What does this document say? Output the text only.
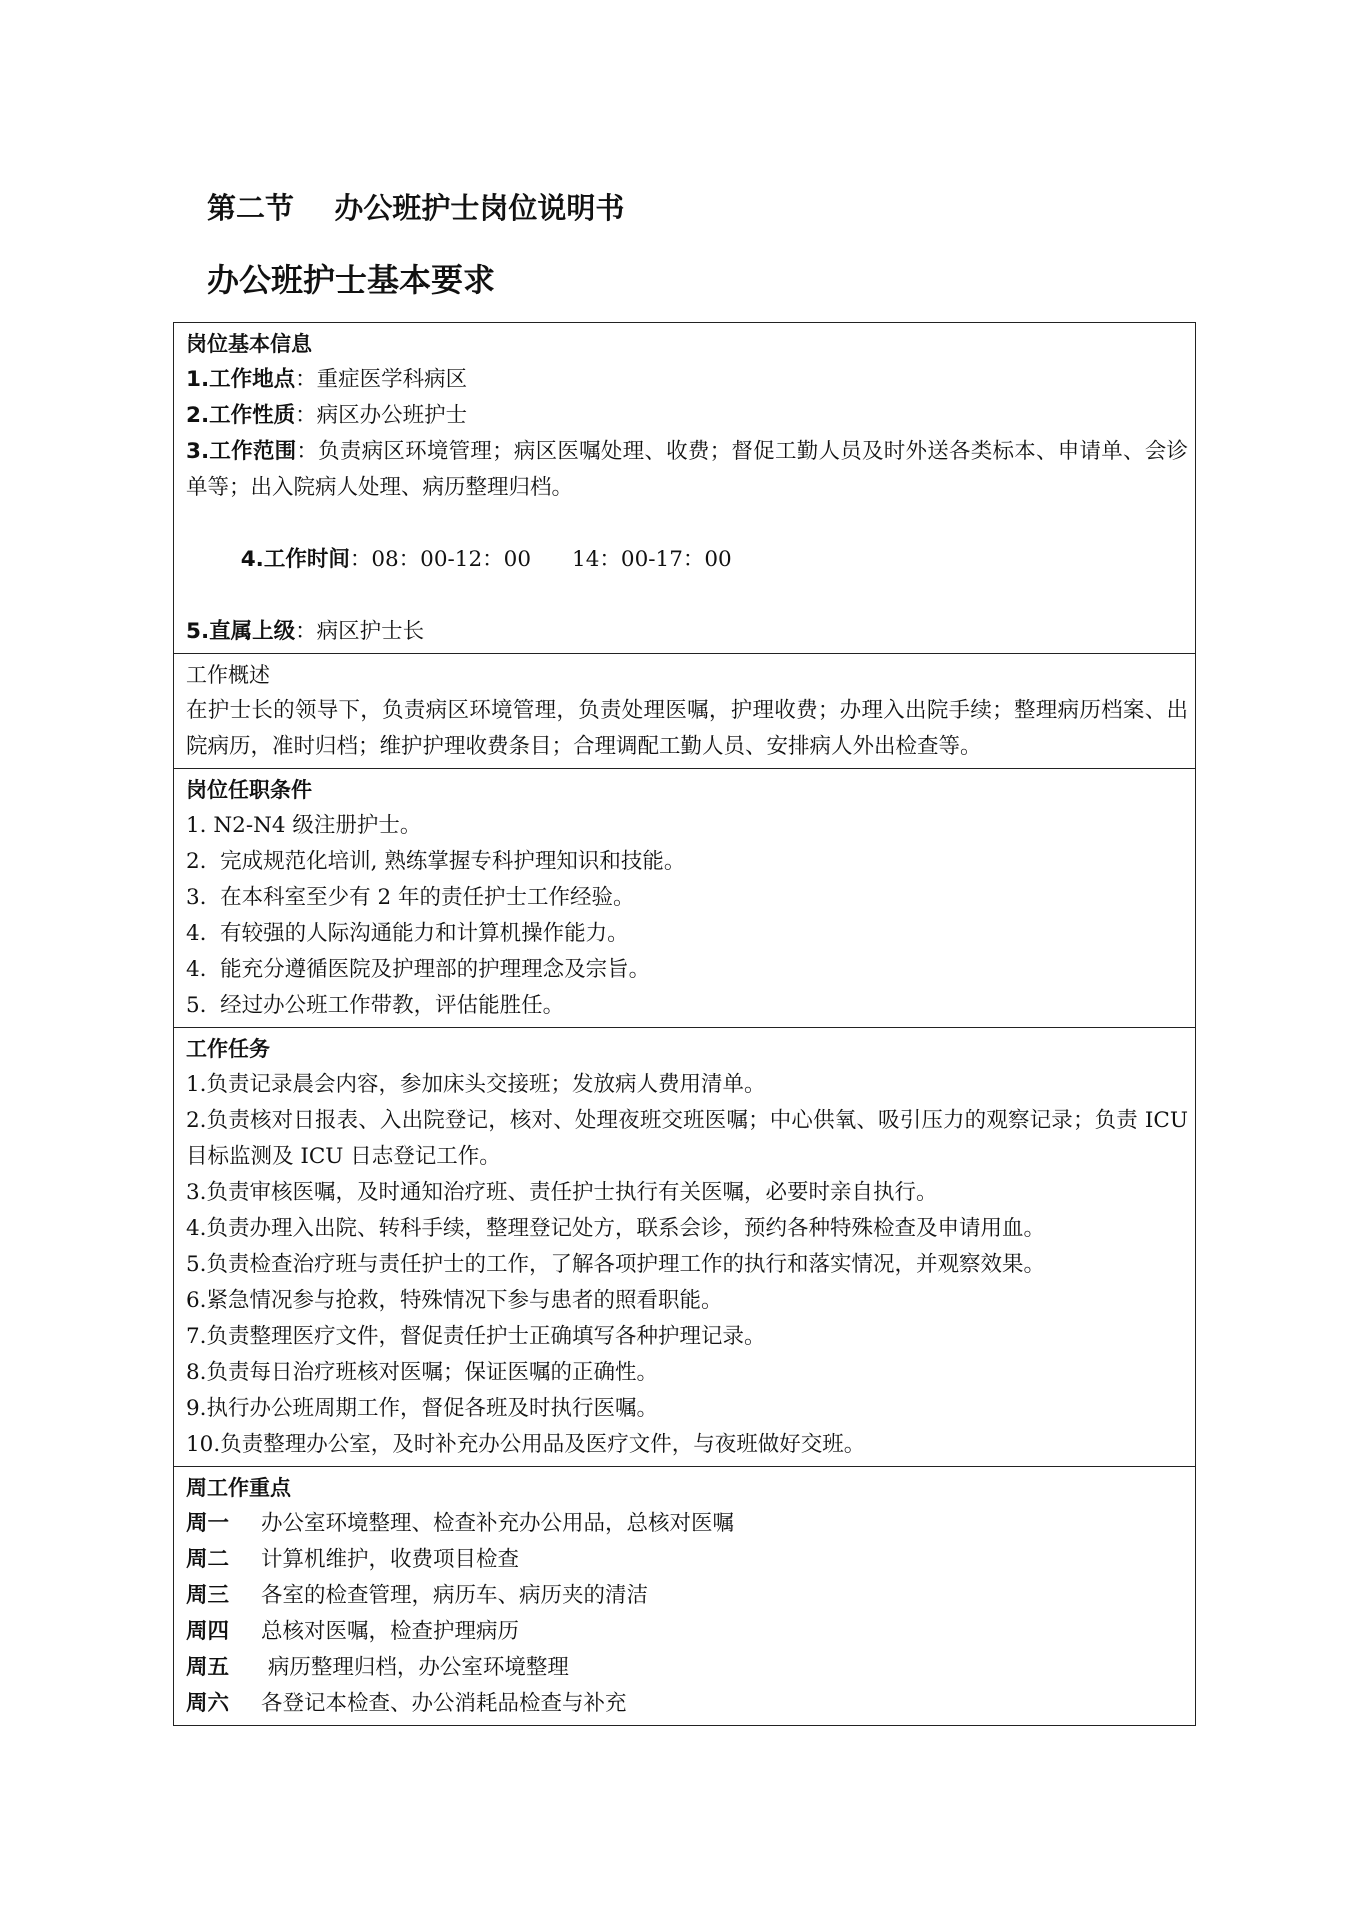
第二节    办公班护士岗位说明书
办公班护士基本要求
岗位基本信息
1.工作地点：重症医学科病区
2.工作性质：病区办公班护士
3.工作范围：负责病区环境管理；病区医嘱处理、收费；督促工勤人员及时外送各类标本、申请单、会诊单等；出入院病人处理、病历整理归档。

4.工作时间：08：00-12：00      14：00-17：00

5.直属上级：病区护士长
工作概述
在护士长的领导下，负责病区环境管理，负责处理医嘱，护理收费；办理入出院手续；整理病历档案、出院病历，准时归档；维护护理收费条目；合理调配工勤人员、安排病人外出检查等。
岗位任职条件
1. N2-N4 级注册护士。
2.  完成规范化培训, 熟练掌握专科护理知识和技能。
3.  在本科室至少有 2 年的责任护士工作经验。
4.  有较强的人际沟通能力和计算机操作能力。
4.  能充分遵循医院及护理部的护理理念及宗旨。
5.  经过办公班工作带教，评估能胜任。
工作任务
1.负责记录晨会内容，参加床头交接班；发放病人费用清单。
2.负责核对日报表、入出院登记，核对、处理夜班交班医嘱；中心供氧、吸引压力的观察记录；负责 ICU 目标监测及 ICU 日志登记工作。
3.负责审核医嘱，及时通知治疗班、责任护士执行有关医嘱，必要时亲自执行。
4.负责办理入出院、转科手续，整理登记处方，联系会诊，预约各种特殊检查及申请用血。
5.负责检查治疗班与责任护士的工作，了解各项护理工作的执行和落实情况，并观察效果。
6.紧急情况参与抢救，特殊情况下参与患者的照看职能。
7.负责整理医疗文件，督促责任护士正确填写各种护理记录。
8.负责每日治疗班核对医嘱；保证医嘱的正确性。
9.执行办公班周期工作，督促各班及时执行医嘱。
10.负责整理办公室，及时补充办公用品及医疗文件，与夜班做好交班。
周工作重点
周一	办公室环境整理、检查补充办公用品，总核对医嘱
周二	计算机维护，收费项目检查
周三	各室的检查管理，病历车、病历夹的清洁
周四	总核对医嘱，检查护理病历
周五	病历整理归档，办公室环境整理
周六	各登记本检查、办公消耗品检查与补充
